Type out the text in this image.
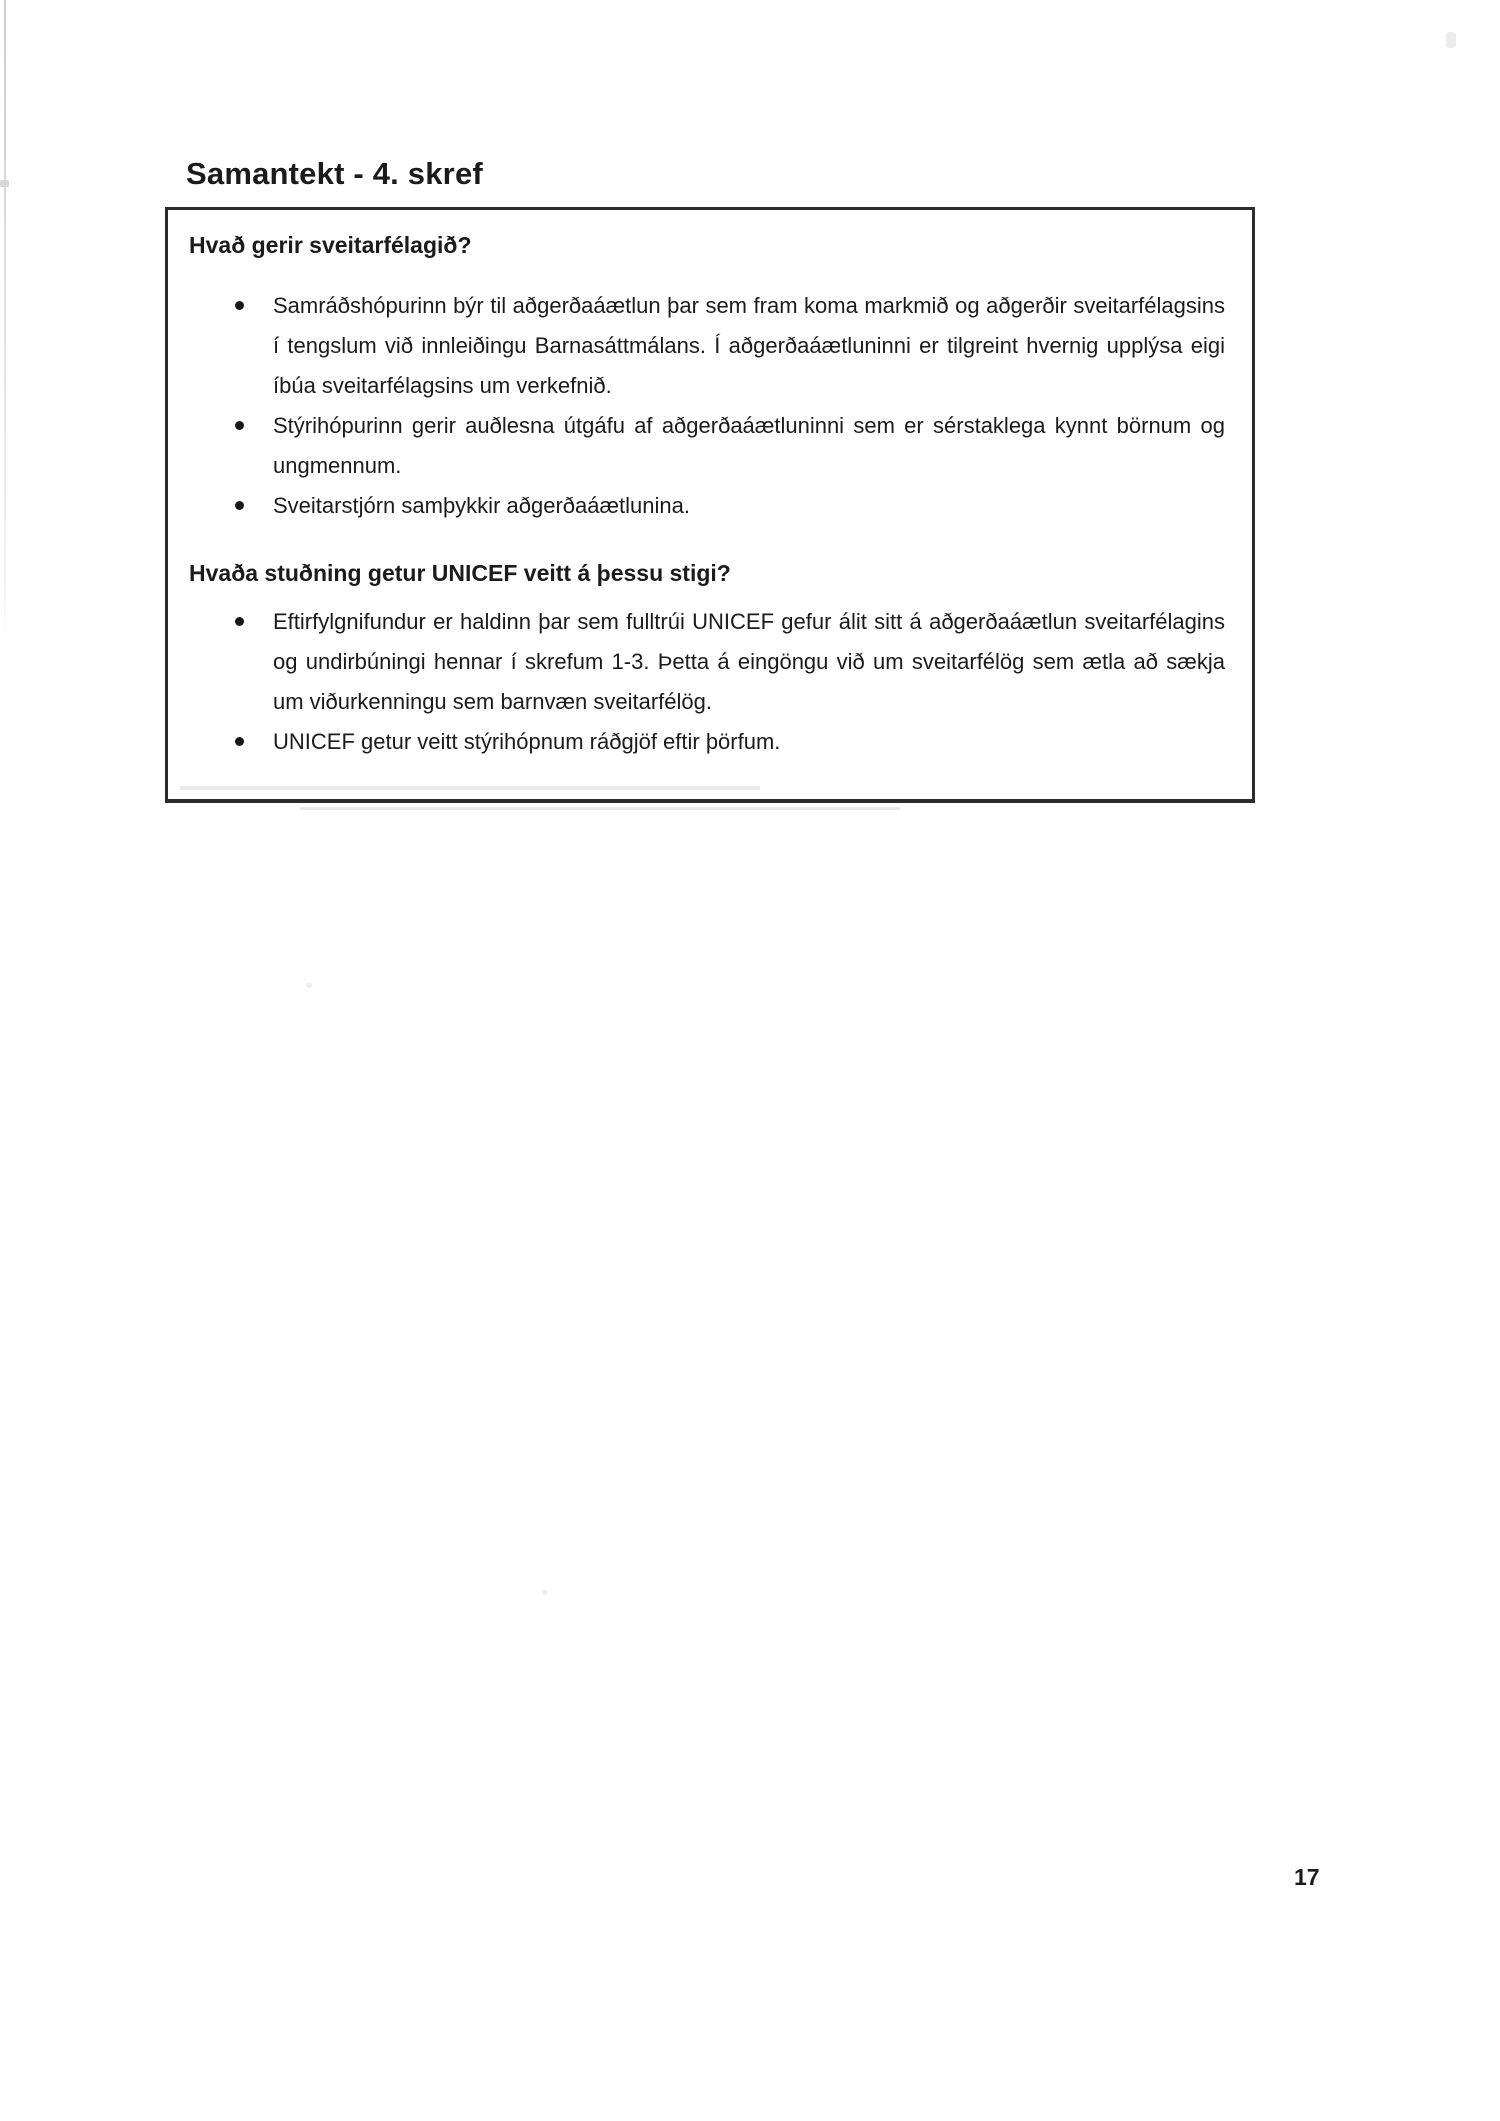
Samantekt - 4. skref
Hvað gerir sveitarfélagið?
Samráðshópurinn býr til aðgerðaáætlun þar sem fram koma markmið og aðgerðir sveitarfélagsins í tengslum við innleiðingu Barnasáttmálans. Í aðgerðaáætluninni er tilgreint hvernig upplýsa eigi íbúa sveitarfélagsins um verkefnið.
Stýrihópurinn gerir auðlesna útgáfu af aðgerðaáætluninni sem er sérstaklega kynnt börnum og ungmennum.
Sveitarstjórn samþykkir aðgerðaáætlunina.
Hvaða stuðning getur UNICEF veitt á þessu stigi?
Eftirfylgnifundur er haldinn þar sem fulltrúi UNICEF gefur álit sitt á aðgerðaáætlun sveitarfélagins og undirbúningi hennar í skrefum 1-3. Þetta á eingöngu við um sveitarfélög sem ætla að sækja um viðurkenningu sem barnvæn sveitarfélög.
UNICEF getur veitt stýrihópnum ráðgjöf eftir þörfum.
17
